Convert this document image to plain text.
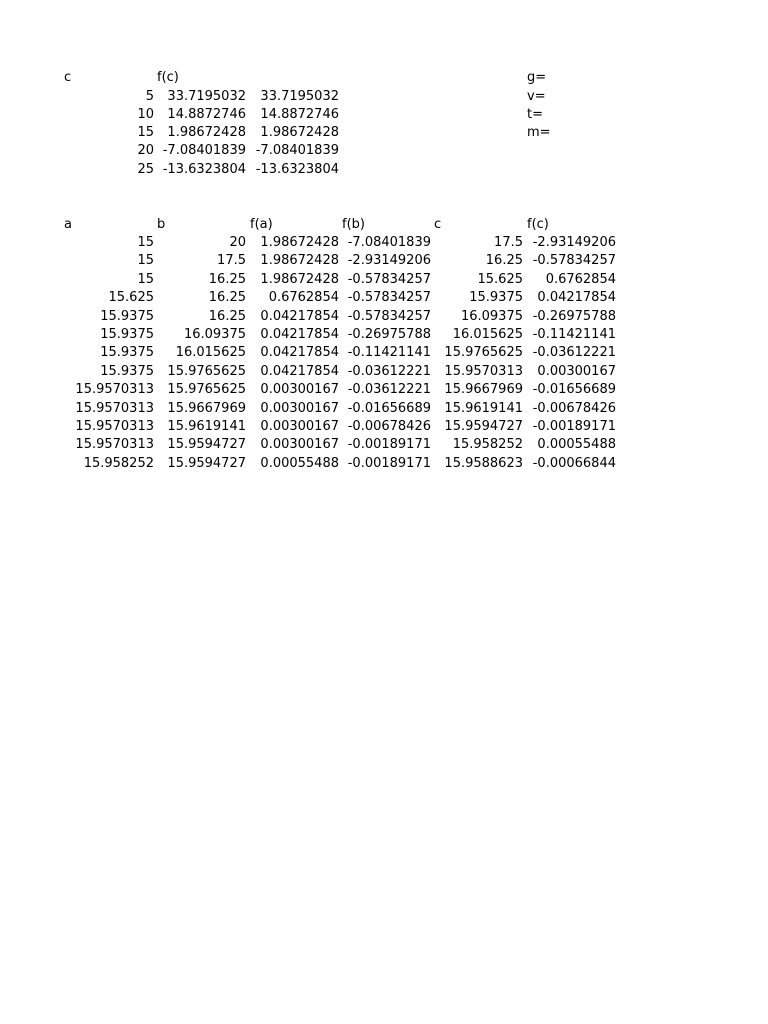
c	f(c)
5	33.7195032	33.7195032
10	14.8872746	14.8872746
15	1.98672428	1.98672428
20 -7.08401839 -7.08401839
25 -13.6323804 -13.6323804
g=
v=
t=
m=
a	b	f(a)	f(b)	c	f(c)
15	20	1.98672428 -7.08401839	17.5 -2.93149206
15	17.5	1.98672428 -2.93149206	16.25 -0.57834257
15	16.25	1.98672428 -0.57834257	15.625	0.6762854
15.625	16.25	0.6762854 -0.57834257	15.9375	0.04217854
15.9375	16.25	0.04217854 -0.57834257	16.09375 -0.26975788
15.9375	16.09375	0.04217854 -0.26975788	16.015625 -0.11421141
15.9375	16.015625	0.04217854 -0.11421141	15.9765625 -0.03612221
15.9375	15.9765625	0.04217854 -0.03612221	15.9570313	0.00300167
15.9570313	15.9765625	0.00300167 -0.03612221	15.9667969 -0.01656689
15.9570313	15.9667969	0.00300167 -0.01656689	15.9619141 -0.00678426
15.9570313	15.9619141	0.00300167 -0.00678426	15.9594727 -0.00189171
15.9570313	15.9594727	0.00300167 -0.00189171	15.958252	0.00055488
15.958252	15.9594727	0.00055488 -0.00189171	15.9588623 -0.00066844
